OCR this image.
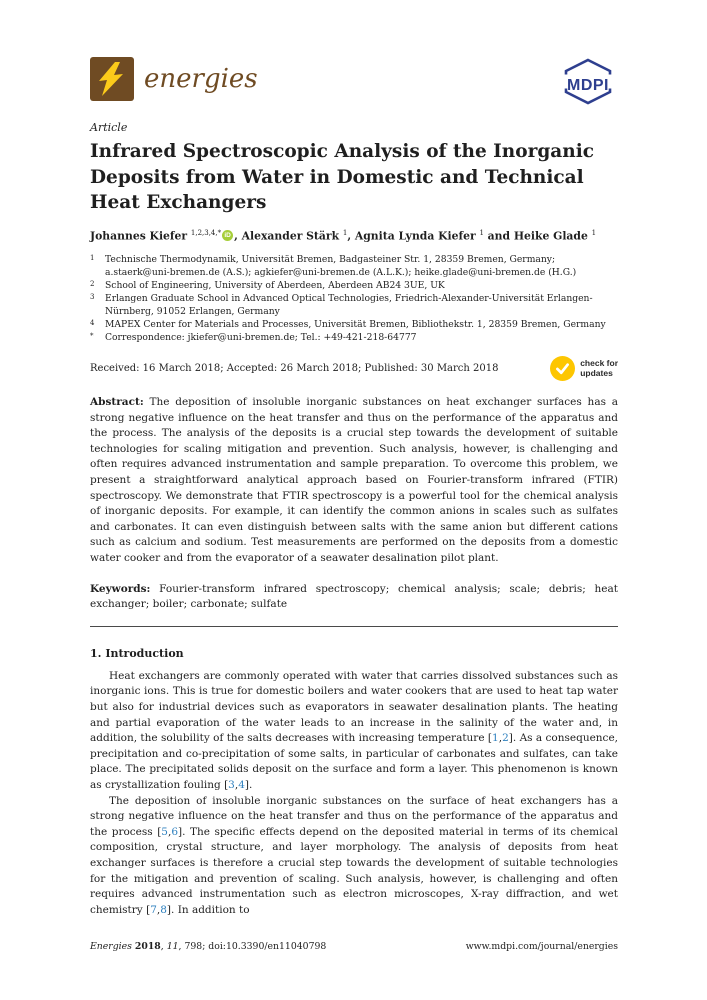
energies	MDPI
Article
Infrared Spectroscopic Analysis of the Inorganic
Deposits from Water in Domestic and Technical
Heat Exchangers
Johannes Kiefer $^{1,2,3,4,*}$ iD , Alexander Stärk $^1$, Agnita Lynda Kiefer $^1$ and Heike Glade $^1$
1	Technische Thermodynamik, Universität Bremen, Badgasteiner Str. 1, 28359 Bremen, Germany; a.staerk@uni-bremen.de (A.S.); agkiefer@uni-bremen.de (A.L.K.); heike.glade@uni-bremen.de (H.G.)
2	School of Engineering, University of Aberdeen, Aberdeen AB24 3UE, UK
3	Erlangen Graduate School in Advanced Optical Technologies, Friedrich-Alexander-Universität Erlangen-Nürnberg, 91052 Erlangen, Germany
4	MAPEX Center for Materials and Processes, Universität Bremen, Bibliothekstr. 1, 28359 Bremen, Germany
*	Correspondence: jkiefer@uni-bremen.de; Tel.: +49-421-218-64777
Received: 16 March 2018; Accepted: 26 March 2018; Published: 30 March 2018	check for
updates

Abstract: The deposition of insoluble inorganic substances on heat exchanger surfaces has a strong negative influence on the heat transfer and thus on the performance of the apparatus and the process. The analysis of the deposits is a crucial step towards the development of suitable technologies for scaling mitigation and prevention. Such analysis, however, is challenging and often requires advanced instrumentation and sample preparation. To overcome this problem, we present a straightforward analytical approach based on Fourier-transform infrared (FTIR) spectroscopy. We demonstrate that FTIR spectroscopy is a powerful tool for the chemical analysis of inorganic deposits. For example, it can identify the common anions in scales such as sulfates and carbonates. It can even distinguish between salts with the same anion but different cations such as calcium and sodium. Test measurements are performed on the deposits from a domestic water cooker and from the evaporator of a seawater desalination pilot plant.

Keywords: Fourier-transform infrared spectroscopy; chemical analysis; scale; debris; heat exchanger; boiler; carbonate; sulfate

1. Introduction

Heat exchangers are commonly operated with water that carries dissolved substances such as inorganic ions. This is true for domestic boilers and water cookers that are used to heat tap water but also for industrial devices such as evaporators in seawater desalination plants. The heating and partial evaporation of the water leads to an increase in the salinity of the water and, in addition, the solubility of the salts decreases with increasing temperature [1,2]. As a consequence, precipitation and co-precipitation of some salts, in particular of carbonates and sulfates, can take place. The precipitated solids deposit on the surface and form a layer. This phenomenon is known as crystallization fouling [3,4].

The deposition of insoluble inorganic substances on the surface of heat exchangers has a strong negative influence on the heat transfer and thus on the performance of the apparatus and the process [5,6]. The specific effects depend on the deposited material in terms of its chemical composition, crystal structure, and layer morphology. The analysis of deposits from heat exchanger surfaces is therefore a crucial step towards the development of suitable technologies for the mitigation and prevention of scaling. Such analysis, however, is challenging and often requires advanced instrumentation such as electron microscopes, X-ray diffraction, and wet chemistry [7,8]. In addition to

Energies 2018, 11, 798; doi:10.3390/en11040798	www.mdpi.com/journal/energies
